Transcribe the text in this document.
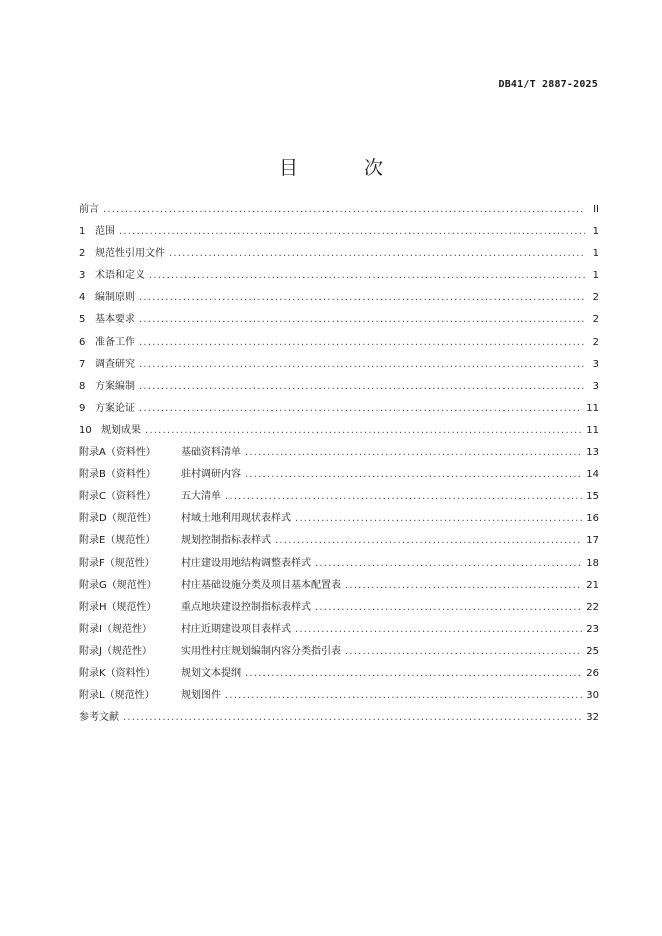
DB41/T 2887-2025
目 次
前言 .....	II
1 范围 .....	1
2 规范性引用文件 .....	1
3 术语和定义 .....	1
4 编制原则 .....	2
5 基本要求 .....	2
6 准备工作 .....	2
7 调查研究 .....	3
8 方案编制 .....	3
9 方案论证 .....	11
10 规划成果 .....	11
附录A（资料性）	基础资料清单 .....	13
附录B（资料性）	驻村调研内容 .....	14
附录C（资料性）	五大清单 .....	15
附录D（规范性）	村域土地利用现状表样式 .....	16
附录E（规范性）	规划控制指标表样式 .....	17
附录F（规范性）	村庄建设用地结构调整表样式 .....	18
附录G（规范性）	村庄基础设施分类及项目基本配置表 .....	21
附录H（规范性）	重点地块建设控制指标表样式 .....	22
附录I（规范性）	村庄近期建设项目表样式 .....	23
附录J（规范性）	实用性村庄规划编制内容分类指引表 .....	25
附录K（资料性）	规划文本提纲 .....	26
附录L（规范性）	规划图件 .....	30
参考文献 .....	32
